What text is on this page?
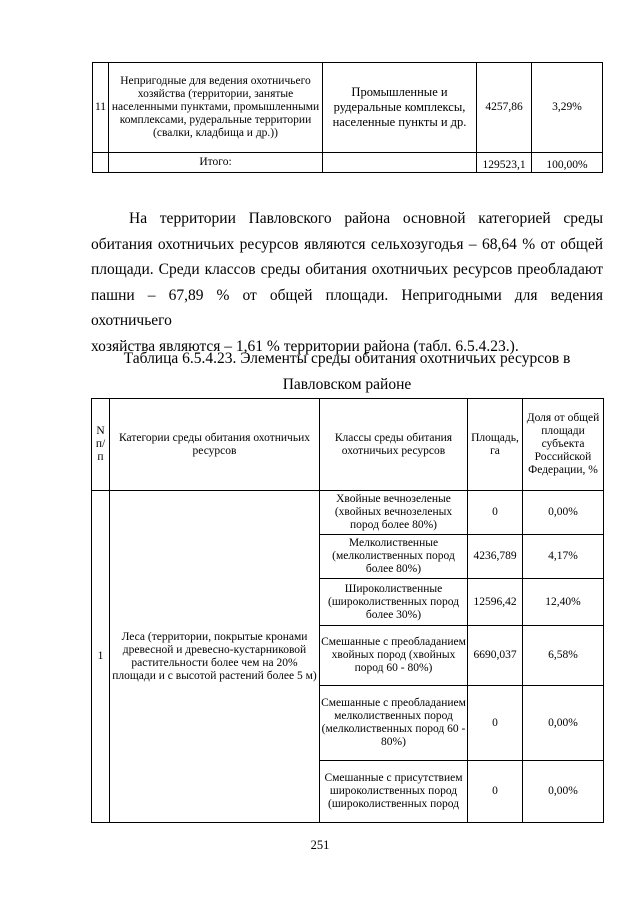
11	Непригодные для ведения охотничьего хозяйства (территории, занятые населенными пунктами, промышленными комплексами, рудеральные территории (свалки, кладбища и др.))	Промышленные и рудеральные комплексы, населенные пункты и др.	4257,86	3,29%
	Итого:		129523,1	100,00%
На территории Павловского района основной категорией среды
обитания охотничьих ресурсов являются сельхозугодья – 68,64 % от общей
площади. Среди классов среды обитания охотничьих ресурсов преобладают
пашни – 67,89 % от общей площади. Непригодными для ведения охотничьего
хозяйства являются – 1,61 % территории района (табл. 6.5.4.23.).
Таблица 6.5.4.23. Элементы среды обитания охотничьих ресурсов в
Павловском районе
N п/п	Категории среды обитания охотничьих ресурсов	Классы среды обитания охотничьих ресурсов	Площадь, га	Доля от общей площади субъекта Российской Федерации, %
1	Леса (территории, покрытые кронами древесной и древесно-кустарниковой растительности более чем на 20% площади и с высотой растений более 5 м)	Хвойные вечнозеленые (хвойных вечнозеленых пород более 80%)	0	0,00%
		Мелколиственные (мелколиственных пород более 80%)	4236,789	4,17%
		Широколиственные (широколиственных пород более 30%)	12596,42	12,40%
		Смешанные с преобладанием хвойных пород (хвойных пород 60 - 80%)	6690,037	6,58%
		Смешанные с преобладанием мелколиственных пород (мелколиственных пород 60 - 80%)	0	0,00%
		Смешанные с присутствием широколиственных пород (широколиственных пород	0	0,00%
251
